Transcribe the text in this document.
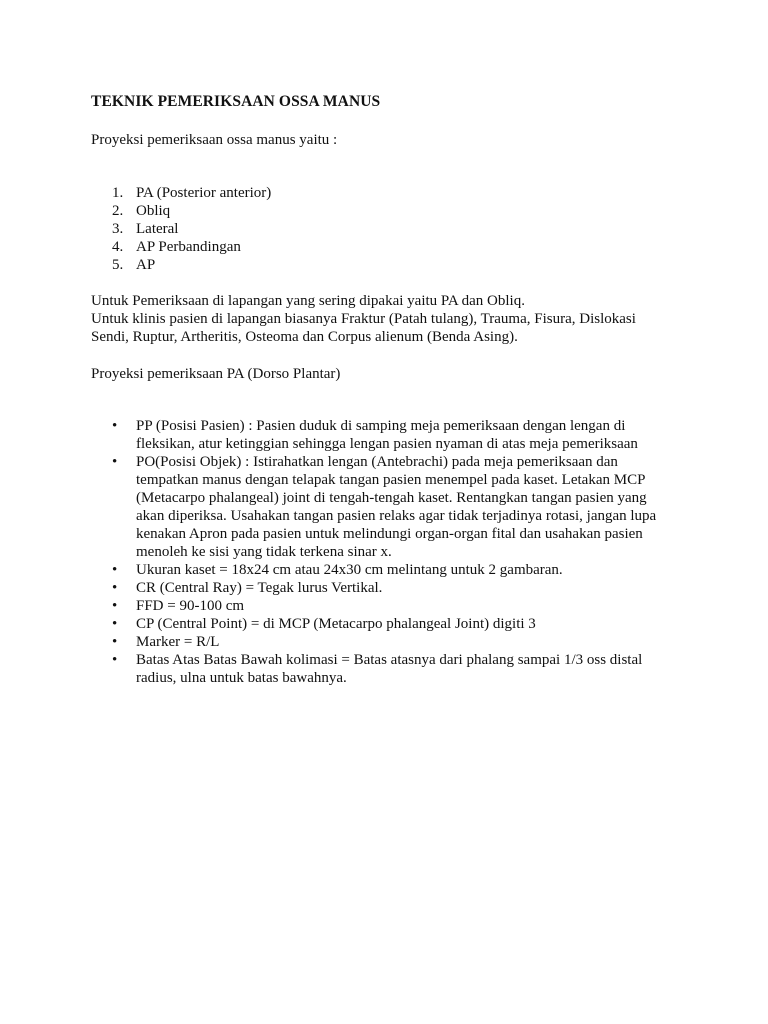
TEKNIK PEMERIKSAAN OSSA MANUS

Proyeksi pemeriksaan ossa manus yaitu :

1. PA (Posterior anterior)
2. Obliq
3. Lateral
4. AP Perbandingan
5. AP
Untuk Pemeriksaan di lapangan yang sering dipakai yaitu PA dan Obliq.
Untuk klinis pasien di lapangan biasanya Fraktur (Patah tulang), Trauma, Fisura, Dislokasi Sendi, Ruptur, Artheritis, Osteoma dan Corpus alienum (Benda Asing).

Proyeksi pemeriksaan PA (Dorso Plantar)

• PP (Posisi Pasien) : Pasien duduk di samping meja pemeriksaan dengan lengan di fleksikan, atur ketinggian sehingga lengan pasien nyaman di atas meja pemeriksaan
• PO(Posisi Objek) : Istirahatkan lengan (Antebrachi) pada meja pemeriksaan dan tempatkan manus dengan telapak tangan pasien menempel pada kaset. Letakan MCP (Metacarpo phalangeal) joint di tengah-tengah kaset. Rentangkan tangan pasien yang akan diperiksa. Usahakan tangan pasien relaks agar tidak terjadinya rotasi, jangan lupa kenakan Apron pada pasien untuk melindungi organ-organ fital dan usahakan pasien menoleh ke sisi yang tidak terkena sinar x.
• Ukuran kaset = 18x24 cm atau 24x30 cm melintang untuk 2 gambaran.
• CR (Central Ray) = Tegak lurus Vertikal.
• FFD = 90-100 cm
• CP (Central Point) = di MCP (Metacarpo phalangeal Joint) digiti 3
• Marker = R/L
• Batas Atas Batas Bawah kolimasi = Batas atasnya dari phalang sampai 1/3 oss distal radius, ulna untuk batas bawahnya.
